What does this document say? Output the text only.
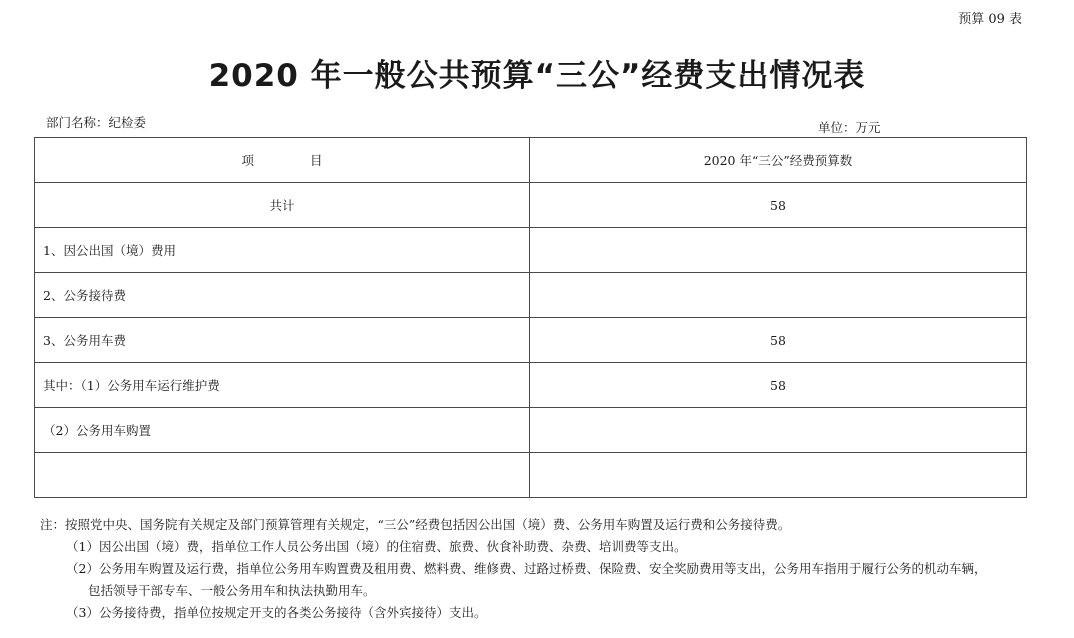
预算 09 表
2020 年一般公共预算“三公”经费支出情况表
部门名称：纪检委	单位：万元
项 目	2020 年“三公”经费预算数
共计	58
1、因公出国（境）费用	
2、公务接待费	
3、公务用车费	58
其中：（1）公务用车运行维护费	58
（2）公务用车购置	

注：按照党中央、国务院有关规定及部门预算管理有关规定，“三公”经费包括因公出国（境）费、公务用车购置及运行费和公务接待费。
（1）因公出国（境）费，指单位工作人员公务出国（境）的住宿费、旅费、伙食补助费、杂费、培训费等支出。
（2）公务用车购置及运行费，指单位公务用车购置费及租用费、燃料费、维修费、过路过桥费、保险费、安全奖励费用等支出，公务用车指用于履行公务的机动车辆，
包括领导干部专车、一般公务用车和执法执勤用车。
（3）公务接待费，指单位按规定开支的各类公务接待（含外宾接待）支出。
